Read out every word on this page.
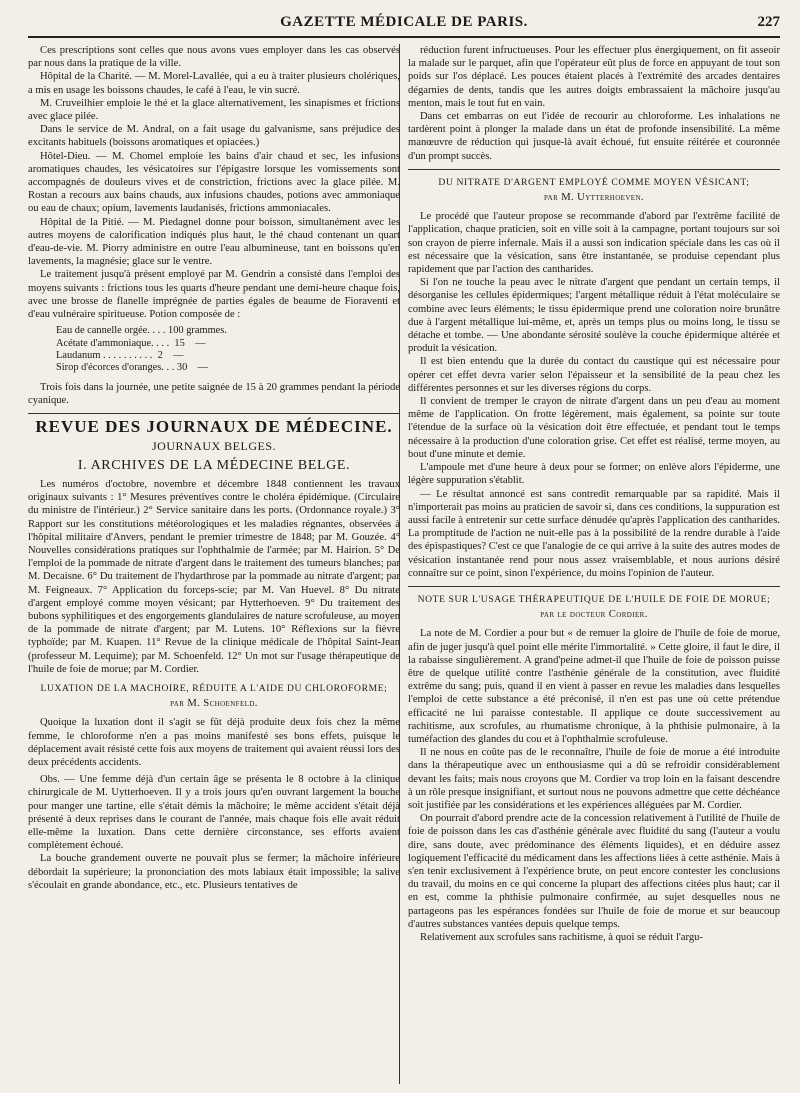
GAZETTE MÉDICALE DE PARIS.	227

Ces prescriptions sont celles que nous avons vues employer dans les cas observés par nous dans la pratique de la ville.

Hôpital de la Charité. — M. Morel-Lavallée, qui a eu à traiter plusieurs cholériques, a mis en usage les boissons chaudes, le café à l'eau, le vin sucré.

M. Cruveilhier emploie le thé et la glace alternativement, les sinapismes et frictions avec glace pilée.

Dans le service de M. Andral, on a fait usage du galvanisme, sans préjudice des excitants habituels (boissons aromatiques et opiacées.)

Hôtel-Dieu. — M. Chomel emploie les bains d'air chaud et sec, les infusions aromatiques chaudes, les vésicatoires sur l'épigastre lorsque les vomissements sont accompagnés de douleurs vives et de constriction, frictions avec la glace pilée. M. Rostan a recours aux bains chauds, aux infusions chaudes, potions avec ammoniaque ou eau de chaux; opium, lavements laudanisés, frictions ammoniacales.

Hôpital de la Pitié. — M. Piedagnel donne pour boisson, simultanément avec les autres moyens de calorification indiqués plus haut, le thé chaud contenant un quart d'eau-de-vie. M. Piorry administre en outre l'eau albumineuse, tant en boissons qu'en lavements, la magnésie; glace sur le ventre.

Le traitement jusqu'à présent employé par M. Gendrin a consisté dans l'emploi des moyens suivants : frictions tous les quarts d'heure pendant une demi-heure chaque fois, avec une brosse de flanelle imprégnée de parties égales de beaume de Fioraventi et d'eau vulnéraire spiritueuse. Potion composée de :

Eau de cannelle orgée. . . . 100 grammes.
Acétate d'ammoniaque. . . .  15    —
Laudanum . . . . . . . . . .  2    —
Sirop d'écorces d'oranges. . . 30    —

Trois fois dans la journée, une petite saignée de 15 à 20 grammes pendant la période cyanique.

REVUE DES JOURNAUX DE MÉDECINE.
JOURNAUX BELGES.
I. ARCHIVES DE LA MÉDECINE BELGE.

Les numéros d'octobre, novembre et décembre 1848 contiennent les travaux originaux suivants : 1° Mesures préventives contre le choléra épidémique. (Circulaire du ministre de l'intérieur.) 2° Service sanitaire dans les ports. (Ordonnance royale.) 3° Rapport sur les constitutions météorologiques et les maladies régnantes, observées à l'hôpital militaire d'Anvers, pendant le premier trimestre de 1848; par M. Gouzée. 4° Nouvelles considérations pratiques sur l'ophthalmie de l'armée; par M. Hairion. 5° De l'emploi de la pommade de nitrate d'argent dans le traitement des tumeurs blanches; par M. Decaisne. 6° Du traitement de l'hydarthrose par la pommade au nitrate d'argent; par M. Feigneaux. 7° Application du forceps-scie; par M. Van Huevel. 8° Du nitrate d'argent employé comme moyen vésicant; par Hytterhoeven. 9° Du traitement des bubons syphilitiques et des engorgements glandulaires de nature scrofuleuse, au moyen de la pommade de nitrate d'argent; par M. Lutens. 10° Réflexions sur la fièvre typhoïde; par M. Kuapen. 11° Revue de la clinique médicale de l'hôpital Saint-Jean (professeur M. Lequime); par M. Schoenfeld. 12° Un mot sur l'usage thérapeutique de l'huile de foie de morue; par M. Cordier.

LUXATION DE LA MACHOIRE, RÉDUITE A L'AIDE DU CHLOROFORME;
par M. Schoenfeld.

Quoique la luxation dont il s'agit se fût déjà produite deux fois chez la même femme, le chloroforme n'en a pas moins manifesté ses bons effets, puisque le déplacement avait résisté cette fois aux moyens de traitement qui avaient réussi lors des deux précédents accidents.

Obs. — Une femme déjà d'un certain âge se présenta le 8 octobre à la clinique chirurgicale de M. Uytterhoeven. Il y a trois jours qu'en ouvrant largement la bouche pour manger une tartine, elle s'était démis la mâchoire; le même accident s'était déjà présenté à deux reprises dans le courant de l'année, mais chaque fois elle avait réduit elle-même la luxation. Dans cette dernière circonstance, ses efforts avaient complètement échoué.

La bouche grandement ouverte ne pouvait plus se fermer; la mâchoire inférieure débordait la supérieure; la prononciation des mots labiaux était impossible; la salive s'écoulait en grande abondance, etc., etc. Plusieurs tentatives de

réduction furent infructueuses. Pour les effectuer plus énergiquement, on fit asseoir la malade sur le parquet, afin que l'opérateur eût plus de force en appuyant de tout son poids sur l'os déplacé. Les pouces étaient placés à l'extrémité des arcades dentaires dégarnies de dents, tandis que les autres doigts embrassaient la mâchoire jusqu'au menton, mais le tout fut en vain.

Dans cet embarras on eut l'idée de recourir au chloroforme. Les inhalations ne tardèrent point à plonger la malade dans un état de profonde insensibilité. La même manœuvre de réduction qui jusque-là avait échoué, fut ensuite réitérée et couronnée d'un prompt succès.

DU NITRATE D'ARGENT EMPLOYÉ COMME MOYEN VÉSICANT;
par M. Uytterhoeven.

Le procédé que l'auteur propose se recommande d'abord par l'extrême facilité de l'application, chaque praticien, soit en ville soit à la campagne, portant toujours sur soi son crayon de pierre infernale. Mais il a aussi son indication spéciale dans les cas où il est nécessaire que la vésication, sans être instantanée, se produise cependant plus rapidement que par l'action des cantharides.

Si l'on ne touche la peau avec le nitrate d'argent que pendant un certain temps, il désorganise les cellules épidermiques; l'argent métallique réduit à l'état moléculaire se combine avec leurs éléments; le tissu épidermique prend une coloration noire brunâtre due à l'argent métallique lui-même, et, après un temps plus ou moins long, le tissu se détache et tombe. — Une abondante sérosité soulève la couche épidermique altérée et produit la vésication.

Il est bien entendu que la durée du contact du caustique qui est nécessaire pour opérer cet effet devra varier selon l'épaisseur et la sensibilité de la peau chez les différentes personnes et sur les diverses régions du corps.

Il convient de tremper le crayon de nitrate d'argent dans un peu d'eau au moment même de l'application. On frotte légèrement, mais également, sa pointe sur toute l'étendue de la surface où la vésication doit être effectuée, et pendant tout le temps nécessaire à la production d'une coloration grise. Cet effet est réalisé, terme moyen, au bout d'une minute et demie.

L'ampoule met d'une heure à deux pour se former; on enlève alors l'épiderme, une légère suppuration s'établit.

— Le résultat annoncé est sans contredit remarquable par sa rapidité. Mais il n'importerait pas moins au praticien de savoir si, dans ces conditions, la suppuration est aussi facile à entretenir sur cette surface dénudée qu'après l'application des cantharides. La promptitude de l'action ne nuit-elle pas à la possibilité de la rendre durable à l'aide des épispastiques? C'est ce que l'analogie de ce qui arrive à la suite des autres modes de vésication instantanée rend pour nous assez vraisemblable, et nous aurions désiré connaître sur ce point, sinon l'expérience, du moins l'opinion de l'auteur.

NOTE SUR L'USAGE THÉRAPEUTIQUE DE L'HUILE DE FOIE DE MORUE;
par le docteur Cordier.

La note de M. Cordier a pour but « de remuer la gloire de l'huile de foie de morue, afin de juger jusqu'à quel point elle mérite l'immortalité. » Cette gloire, il faut le dire, il la rabaisse singulièrement. A grand'peine admet-il que l'huile de foie de poisson puisse être de quelque utilité contre l'asthénie générale de la constitution, avec fluidité extrême du sang; puis, quand il en vient à passer en revue les maladies dans lesquelles l'emploi de cette substance a été préconisé, il n'en est pas une où cette prétendue efficacité ne lui paraisse contestable. Il applique ce doute successivement au rachitisme, aux scrofules, au rhumatisme chronique, à la phthisie pulmonaire, à la tuméfaction des glandes du cou et à l'ophthalmie scrofuleuse.

Il ne nous en coûte pas de le reconnaître, l'huile de foie de morue a été introduite dans la thérapeutique avec un enthousiasme qui a dû se refroidir considérablement devant les faits; mais nous croyons que M. Cordier va trop loin en la faisant descendre à un rôle presque insignifiant, et surtout nous ne pouvons admettre que cette déchéance soit justifiée par les considérations et les expériences alléguées par M. Cordier.

On pourrait d'abord prendre acte de la concession relativement à l'utilité de l'huile de foie de poisson dans les cas d'asthénie générale avec fluidité du sang (l'auteur a voulu dire, sans doute, avec prédominance des éléments liquides), et en déduire assez logiquement l'efficacité du médicament dans les affections liées à cette asthénie. Mais à s'en tenir exclusivement à l'expérience brute, on peut encore contester les conclusions du travail, du moins en ce qui concerne la plupart des affections citées plus haut; car il en est, comme la phthisie pulmonaire confirmée, au sujet desquelles nous ne partageons pas les espérances fondées sur l'huile de foie de morue et sur beaucoup d'autres substances vantées depuis quelque temps.

Relativement aux scrofules sans rachitisme, à quoi se réduit l'argu-
